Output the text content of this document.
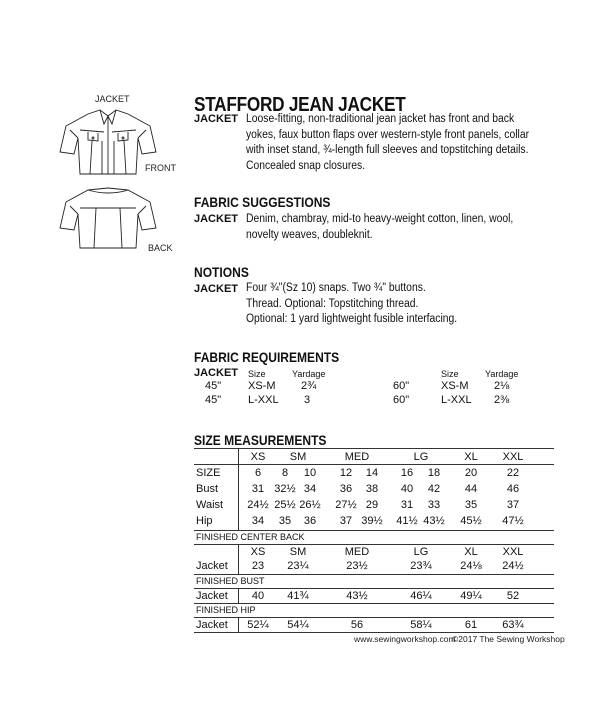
JACKET
FRONT
BACK
STAFFORD JEAN JACKET
JACKET Loose-fitting, non-traditional jean jacket has front and back
yokes, faux button flaps over western-style front panels, collar
with inset stand, ¾-length full sleeves and topstitching details.
Concealed snap closures.
FABRIC SUGGESTIONS
JACKET Denim, chambray, mid-to heavy-weight cotton, linen, wool,
novelty weaves, doubleknit.
NOTIONS
JACKET Four ¾"(Sz 10) snaps. Two ¾" buttons.
Thread. Optional: Topstitching thread.
Optional: 1 yard lightweight fusible interfacing.
FABRIC REQUIREMENTS
JACKET Size	Yardage	Size	Yardage
45" XS-M 2¾	60"	XS-M 2⅛
45" L-XXL 3	60"	L-XXL 2⅜
SIZE MEASUREMENTS
XS SM	MED	LG	XL XXL
SIZE	6 8 10 12 14 16 18 20	22
Bust	31 32½ 34 36 38 40 42 44	46
Waist 24½ 25½ 26½ 27½ 29 31 33 35	37
Hip	34 35 36 37 39½ 41½ 43½ 45½ 47½
FINISHED CENTER BACK
XS SM	MED	LG	XL XXL
Jacket 23 23¼	23½	23¾	24⅛ 24½
FINISHED BUST
Jacket 40 41¾	43½	46¼	49¼ 52
FINISHED HIP
Jacket 52¼ 54¼	56	58¼	61 63¾
www.sewingworkshop.com
©2017 The Sewing Workshop
